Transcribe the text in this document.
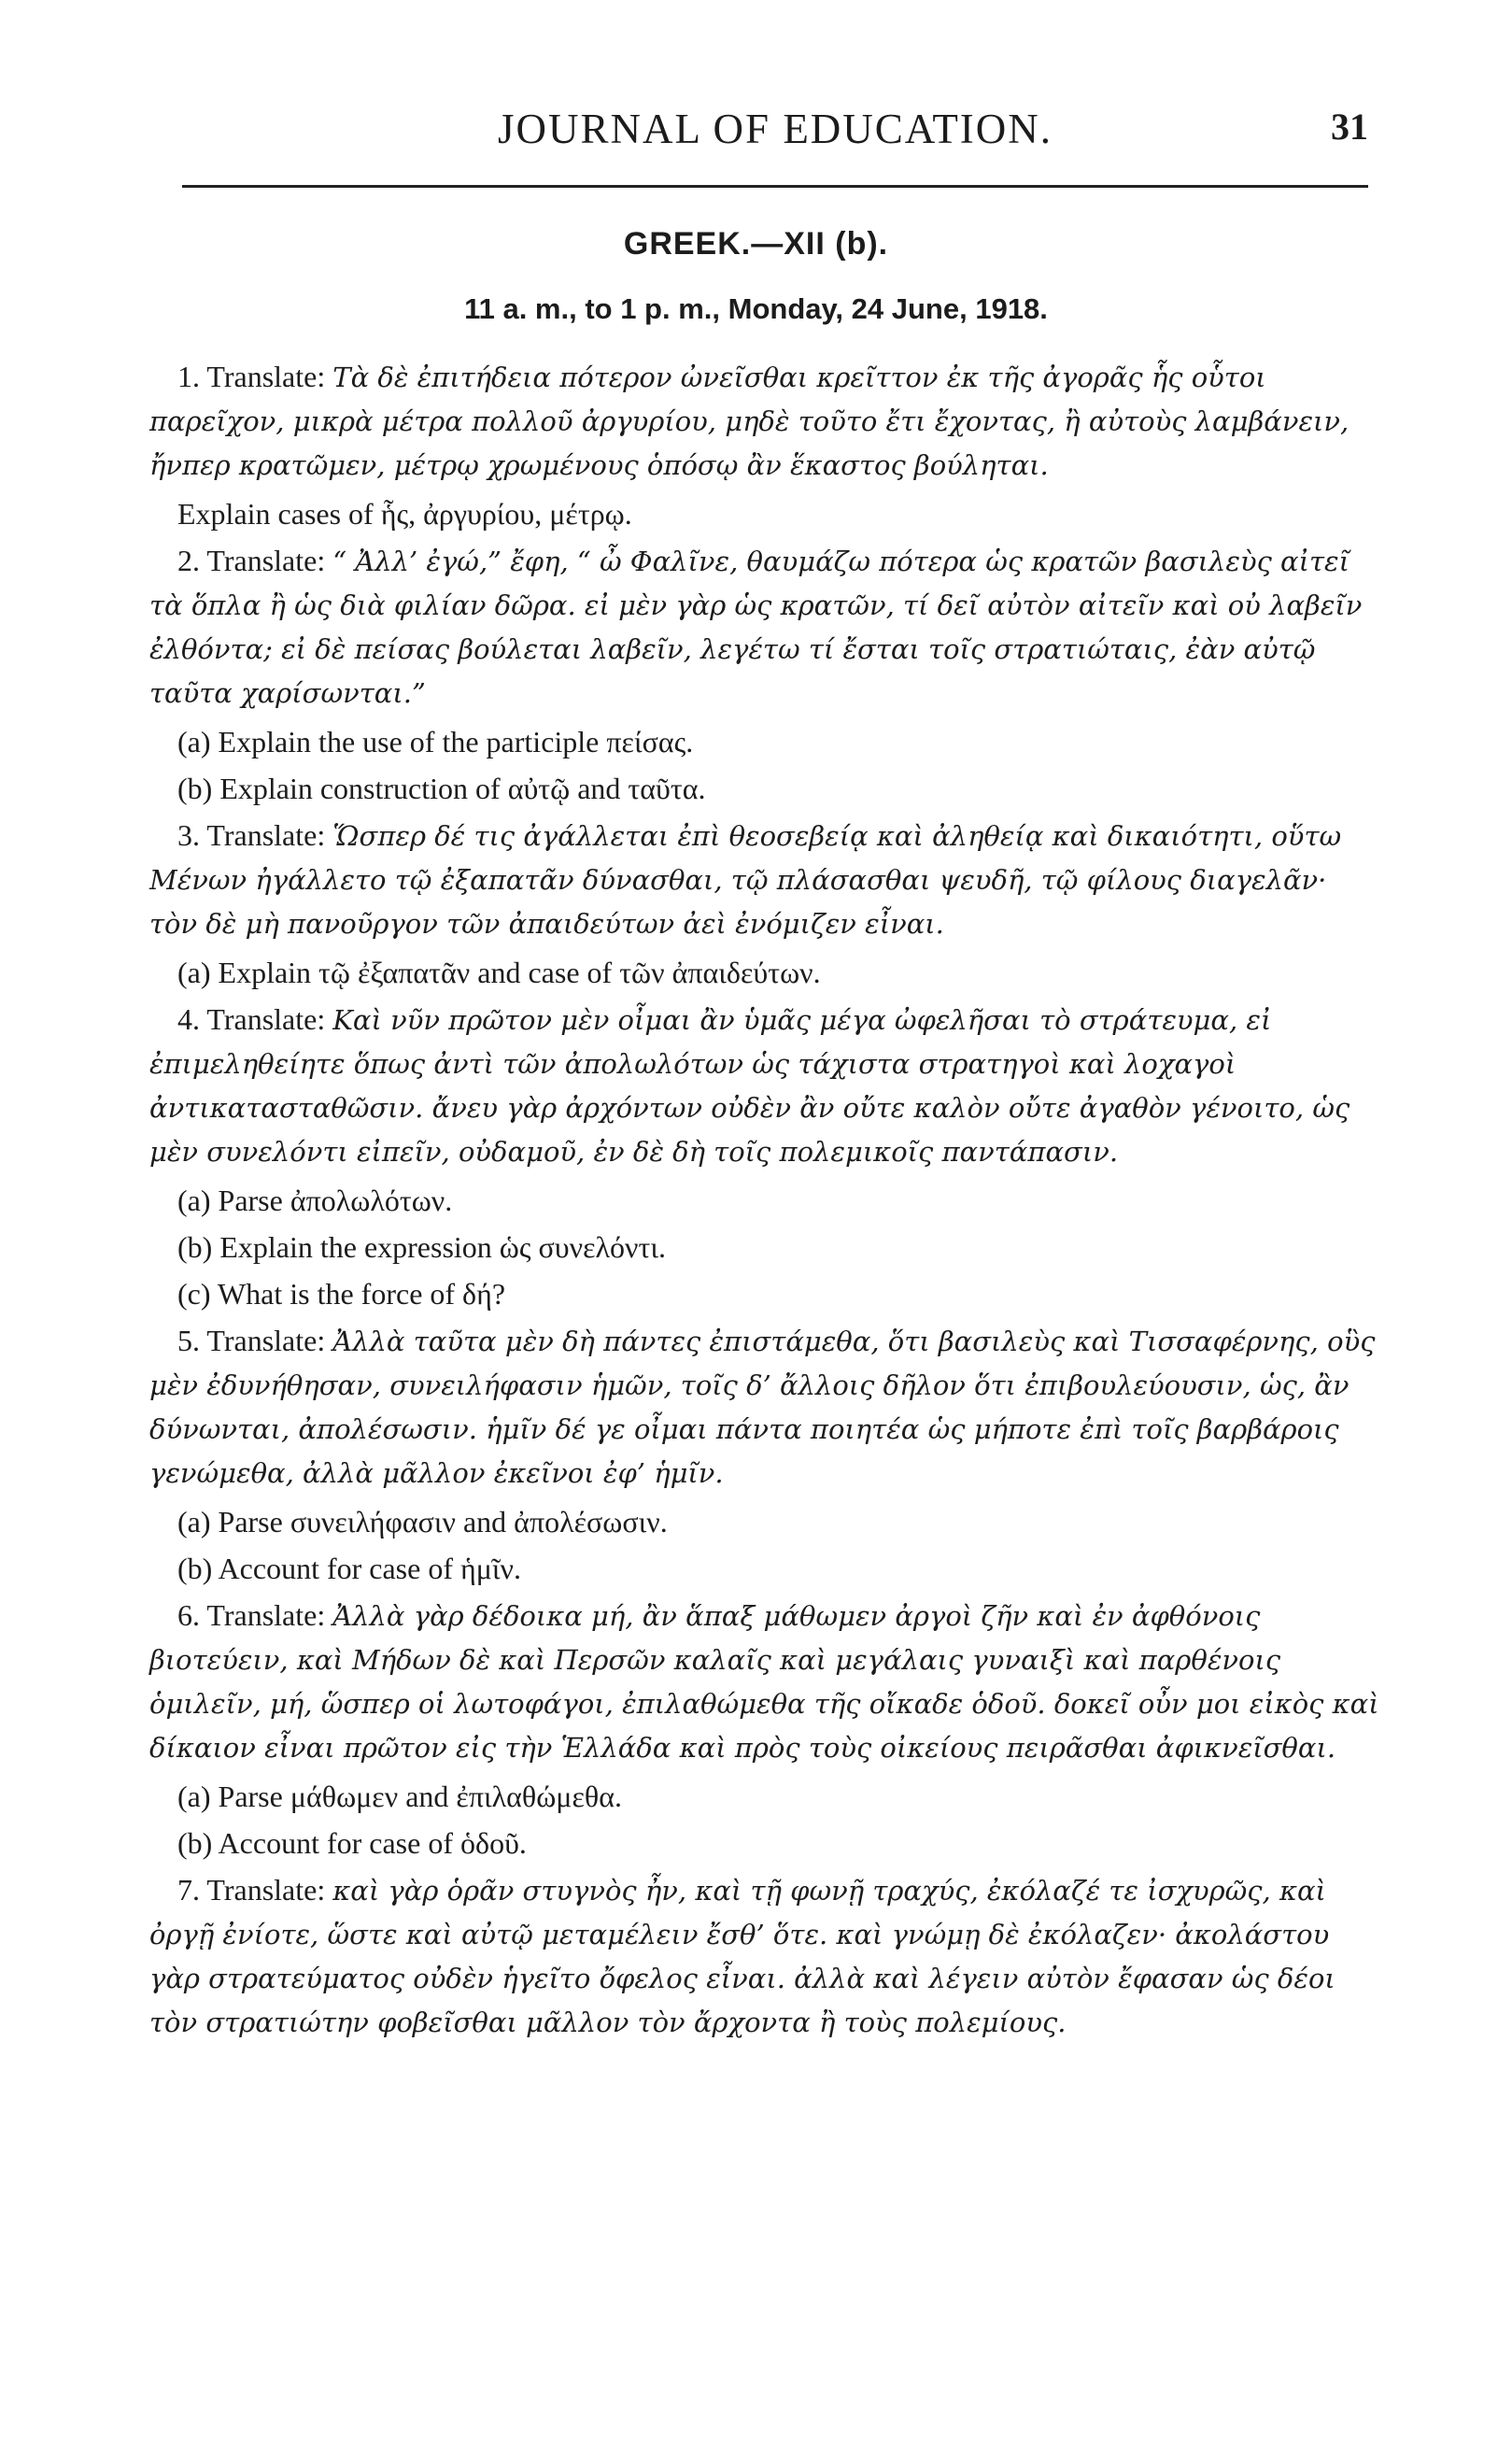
JOURNAL OF EDUCATION.	31
GREEK.—XII (b).
11 a. m., to 1 p. m., Monday, 24 June, 1918.

1. Translate: Τὰ δὲ ἐπιτήδεια πότερον ὠνεῖσθαι κρεῖττον ἐκ τῆς ἀγορᾶς ἧς οὗτοι παρεῖχον, μικρὰ μέτρα πολλοῦ ἀργυρίου, μηδὲ τοῦτο ἔτι ἔχοντας, ἢ αὐτοὺς λαμβάνειν, ἤνπερ κρατῶμεν, μέτρῳ χρωμένους ὁπόσῳ ἂν ἕκαστος βούληται.

Explain cases of ἧς, ἀργυρίου, μέτρῳ.

2. Translate: “ Ἀλλ’ ἐγώ,” ἔφη, “ ὦ Φαλῖνε, θαυμάζω πότερα ὡς κρατῶν βασιλεὺς αἰτεῖ τὰ ὅπλα ἢ ὡς διὰ φιλίαν δῶρα. εἰ μὲν γὰρ ὡς κρατῶν, τί δεῖ αὐτὸν αἰτεῖν καὶ οὐ λαβεῖν ἐλθόντα; εἰ δὲ πείσας βούλεται λαβεῖν, λεγέτω τί ἔσται τοῖς στρατιώταις, ἐὰν αὐτῷ ταῦτα χαρίσωνται.”

(a) Explain the use of the participle πείσας.

(b) Explain construction of αὐτῷ and ταῦτα.

3. Translate: Ὥσπερ δέ τις ἀγάλλεται ἐπὶ θεοσεβείᾳ καὶ ἀληθείᾳ καὶ δικαιότητι, οὕτω Μένων ἠγάλλετο τῷ ἐξαπατᾶν δύνασθαι, τῷ πλάσασθαι ψευδῆ, τῷ φίλους διαγελᾶν· τὸν δὲ μὴ πανοῦργον τῶν ἀπαιδεύτων ἀεὶ ἐνόμιζεν εἶναι.

(a) Explain τῷ ἐξαπατᾶν and case of τῶν ἀπαιδεύτων.

4. Translate: Καὶ νῦν πρῶτον μὲν οἶμαι ἂν ὑμᾶς μέγα ὠφελῆσαι τὸ στράτευμα, εἰ ἐπιμεληθείητε ὅπως ἀντὶ τῶν ἀπολωλότων ὡς τάχιστα στρατηγοὶ καὶ λοχαγοὶ ἀντικατασταθῶσιν. ἄνευ γὰρ ἀρχόντων οὐδὲν ἂν οὔτε καλὸν οὔτε ἀγαθὸν γένοιτο, ὡς μὲν συνελόντι εἰπεῖν, οὐδαμοῦ, ἐν δὲ δὴ τοῖς πολεμικοῖς παντάπασιν.

(a) Parse ἀπολωλότων.

(b) Explain the expression ὡς συνελόντι.

(c) What is the force of δή?

5. Translate: Ἀλλὰ ταῦτα μὲν δὴ πάντες ἐπιστάμεθα, ὅτι βασιλεὺς καὶ Τισσαφέρνης, οὓς μὲν ἐδυνήθησαν, συνειλήφασιν ἡμῶν, τοῖς δ’ ἄλλοις δῆλον ὅτι ἐπιβουλεύουσιν, ὡς, ἂν δύνωνται, ἀπολέσωσιν. ἡμῖν δέ γε οἶμαι πάντα ποιητέα ὡς μήποτε ἐπὶ τοῖς βαρβάροις γενώμεθα, ἀλλὰ μᾶλλον ἐκεῖνοι ἐφ’ ἡμῖν.

(a) Parse συνειλήφασιν and ἀπολέσωσιν.

(b) Account for case of ἡμῖν.

6. Translate: Ἀλλὰ γὰρ δέδοικα μή, ἂν ἅπαξ μάθωμεν ἀργοὶ ζῆν καὶ ἐν ἀφθόνοις βιοτεύειν, καὶ Μήδων δὲ καὶ Περσῶν καλαῖς καὶ μεγάλαις γυναιξὶ καὶ παρθένοις ὁμιλεῖν, μή, ὥσπερ οἱ λωτοφάγοι, ἐπιλαθώμεθα τῆς οἴκαδε ὁδοῦ. δοκεῖ οὖν μοι εἰκὸς καὶ δίκαιον εἶναι πρῶτον εἰς τὴν Ἑλλάδα καὶ πρὸς τοὺς οἰκείους πειρᾶσθαι ἀφικνεῖσθαι.

(a) Parse μάθωμεν and ἐπιλαθώμεθα.

(b) Account for case of ὁδοῦ.

7. Translate: καὶ γὰρ ὁρᾶν στυγνὸς ἦν, καὶ τῇ φωνῇ τραχύς, ἐκόλαζέ τε ἰσχυρῶς, καὶ ὀργῇ ἐνίοτε, ὥστε καὶ αὐτῷ μεταμέλειν ἔσθ’ ὅτε. καὶ γνώμῃ δὲ ἐκόλαζεν· ἀκολάστου γὰρ στρατεύματος οὐδὲν ἡγεῖτο ὄφελος εἶναι. ἀλλὰ καὶ λέγειν αὐτὸν ἔφασαν ὡς δέοι τὸν στρατιώτην φοβεῖσθαι μᾶλλον τὸν ἄρχοντα ἢ τοὺς πολεμίους.
